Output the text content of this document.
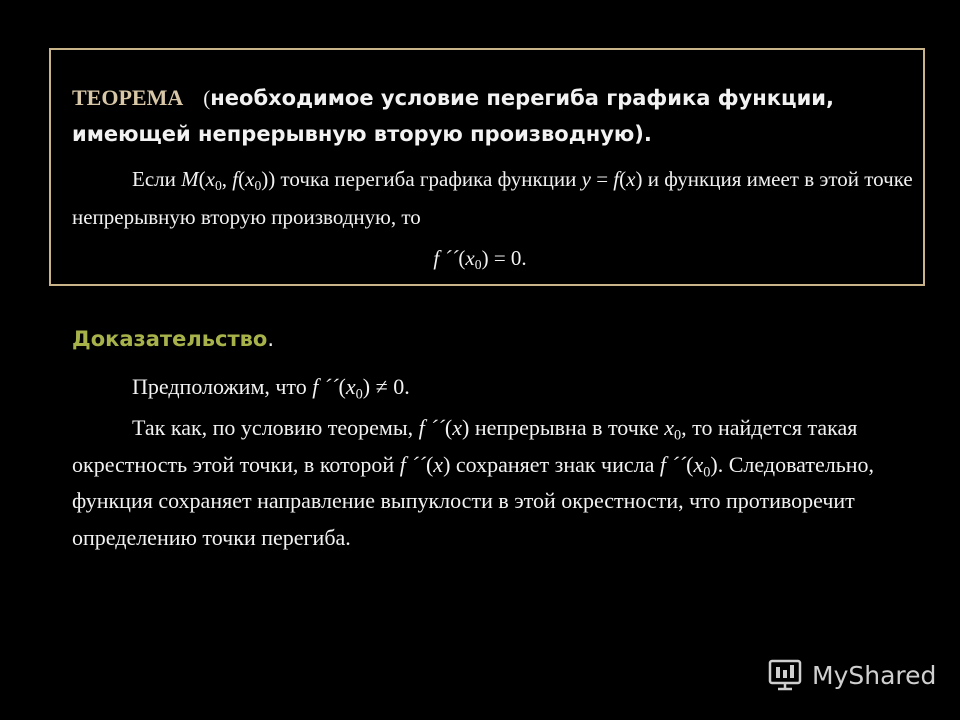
ТЕОРЕМА (необходимое условие перегиба графика функции, имеющей непрерывную вторую производную).
Если $M(x_0$, $f(x_0)$) точка перегиба графика функции y = f(x) и функция имеет в этой точке непрерывную вторую производную, то
f $´´(x_0) = 0$.
Доказательство.
Предположим, что f $´´(x_0) \ne 0$.
Так как, по условию теоремы, f ´´(x) непрерывна в точке $x_0$, то найдется такая окрестность этой точки, в которой f ´´(x) сохраняет знак числа f $´´(x_0)$. Следовательно, функция сохраняет направление выпуклости в этой окрестности, что противоречит определению точки перегиба.
MyShared
